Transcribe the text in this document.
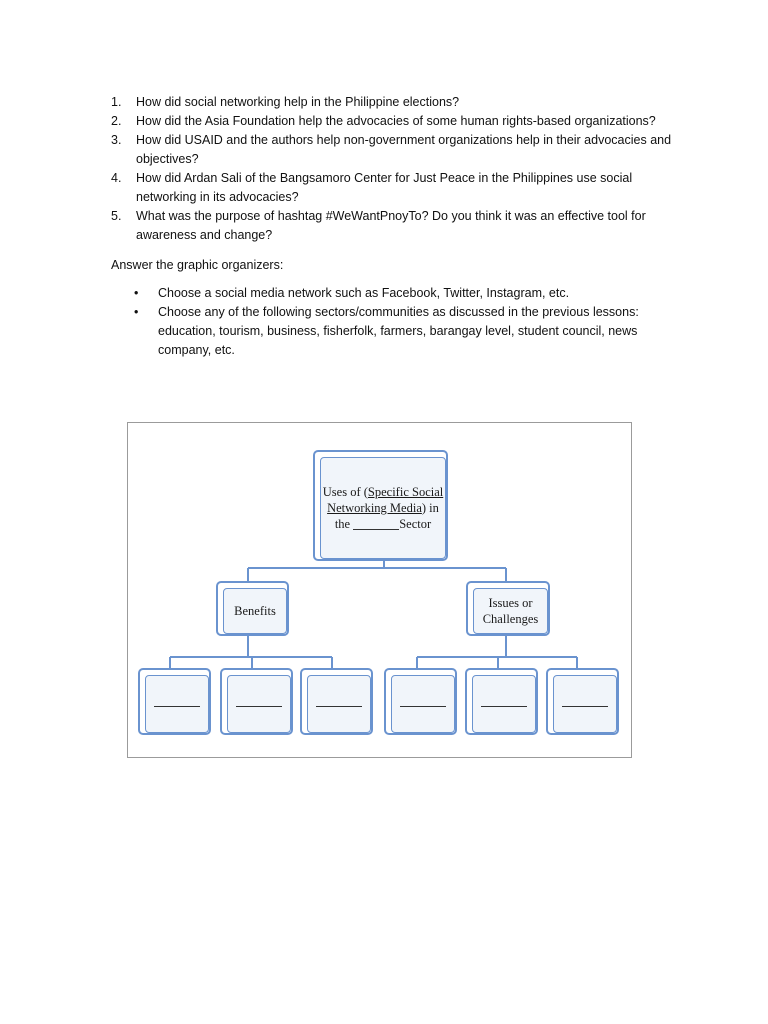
1. How did social networking help in the Philippine elections?
2. How did the Asia Foundation help the advocacies of some human rights-based organizations?
3. How did USAID and the authors help non-government organizations help in their advocacies and objectives?
4. How did Ardan Sali of the Bangsamoro Center for Just Peace in the Philippines use social networking in its advocacies?
5. What was the purpose of hashtag #WeWantPnoyTo? Do you think it was an effective tool for awareness and change?

Answer the graphic organizers:

• Choose a social media network such as Facebook, Twitter, Instagram, etc.
• Choose any of the following sectors/communities as discussed in the previous lessons: education, tourism, business, fisherfolk, farmers, barangay level, student council, news company, etc.
Uses of (Specific Social
Networking Media) in
the	Sector
Benefits
Issues or
Challenges
